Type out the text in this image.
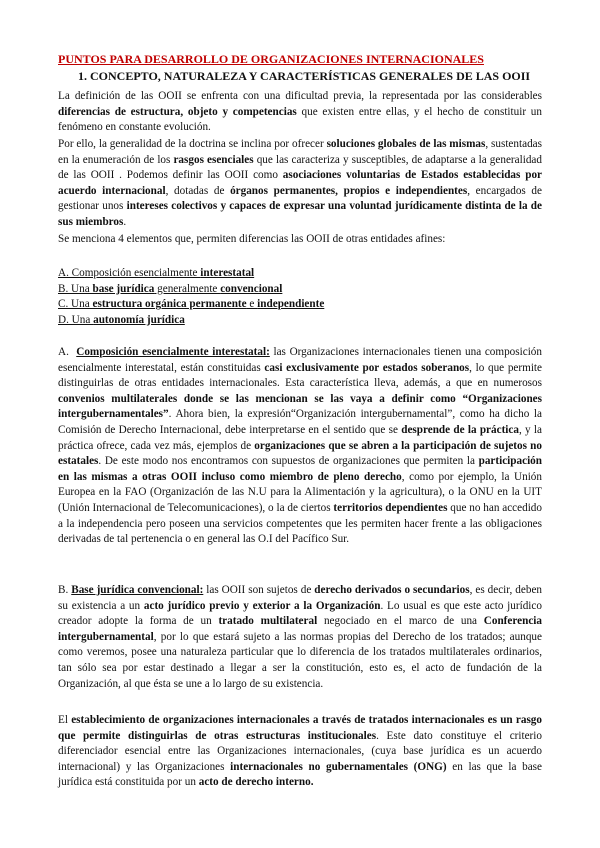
PUNTOS PARA DESARROLLO DE ORGANIZACIONES INTERNACIONALES
1. CONCEPTO, NATURALEZA Y CARACTERÍSTICAS GENERALES DE LAS OOII

La definición de las OOII se enfrenta con una dificultad previa, la representada por las considerables diferencias de estructura, objeto y competencias que existen entre ellas, y el hecho de constituir un fenómeno en constante evolución.

Por ello, la generalidad de la doctrina se inclina por ofrecer soluciones globales de las mismas, sustentadas en la enumeración de los rasgos esenciales que las caracteriza y susceptibles, de adaptarse a la generalidad de las OOII . Podemos definir las OOII como asociaciones voluntarias de Estados establecidas por acuerdo internacional, dotadas de órganos permanentes, propios e independientes, encargados de gestionar unos intereses colectivos y capaces de expresar una voluntad jurídicamente distinta de la de sus miembros.

Se menciona 4 elementos que, permiten diferencias las OOII de otras entidades afines:

A. Composición esencialmente interestatal
B. Una base jurídica generalmente convencional
C. Una estructura orgánica permanente e independiente
D. Una autonomía jurídica

A. Composición esencialmente interestatal: las Organizaciones internacionales tienen una composición esencialmente interestatal, están constituidas casi exclusivamente por estados soberanos, lo que permite distinguirlas de otras entidades internacionales. Esta característica lleva, además, a que en numerosos convenios multilaterales donde se las mencionan se las vaya a definir como “Organizaciones intergubernamentales”. Ahora bien, la expresión“Organización intergubernamental”, como ha dicho la Comisión de Derecho Internacional, debe interpretarse en el sentido que se desprende de la práctica, y la práctica ofrece, cada vez más, ejemplos de organizaciones que se abren a la participación de sujetos no estatales. De este modo nos encontramos con supuestos de organizaciones que permiten la participación en las mismas a otras OOII incluso como miembro de pleno derecho, como por ejemplo, la Unión Europea en la FAO (Organización de las N.U para la Alimentación y la agricultura), o la ONU en la UIT (Unión Internacional de Telecomunicaciones), o la de ciertos territorios dependientes que no han accedido a la independencia pero poseen una servicios competentes que les permiten hacer frente a las obligaciones derivadas de tal pertenencia o en general las O.I del Pacífico Sur.

B. Base jurídica convencional: las OOII son sujetos de derecho derivados o secundarios, es decir, deben su existencia a un acto jurídico previo y exterior a la Organización. Lo usual es que este acto jurídico creador adopte la forma de un tratado multilateral negociado en el marco de una Conferencia intergubernamental, por lo que estará sujeto a las normas propias del Derecho de los tratados; aunque como veremos, posee una naturaleza particular que lo diferencia de los tratados multilaterales ordinarios, tan sólo sea por estar destinado a llegar a ser la constitución, esto es, el acto de fundación de la Organización, al que ésta se une a lo largo de su existencia.

El establecimiento de organizaciones internacionales a través de tratados internacionales es un rasgo que permite distinguirlas de otras estructuras institucionales. Este dato constituye el criterio diferenciador esencial entre las Organizaciones internacionales, (cuya base jurídica es un acuerdo internacional) y las Organizaciones internacionales no gubernamentales (ONG) en las que la base jurídica está constituida por un acto de derecho interno.
